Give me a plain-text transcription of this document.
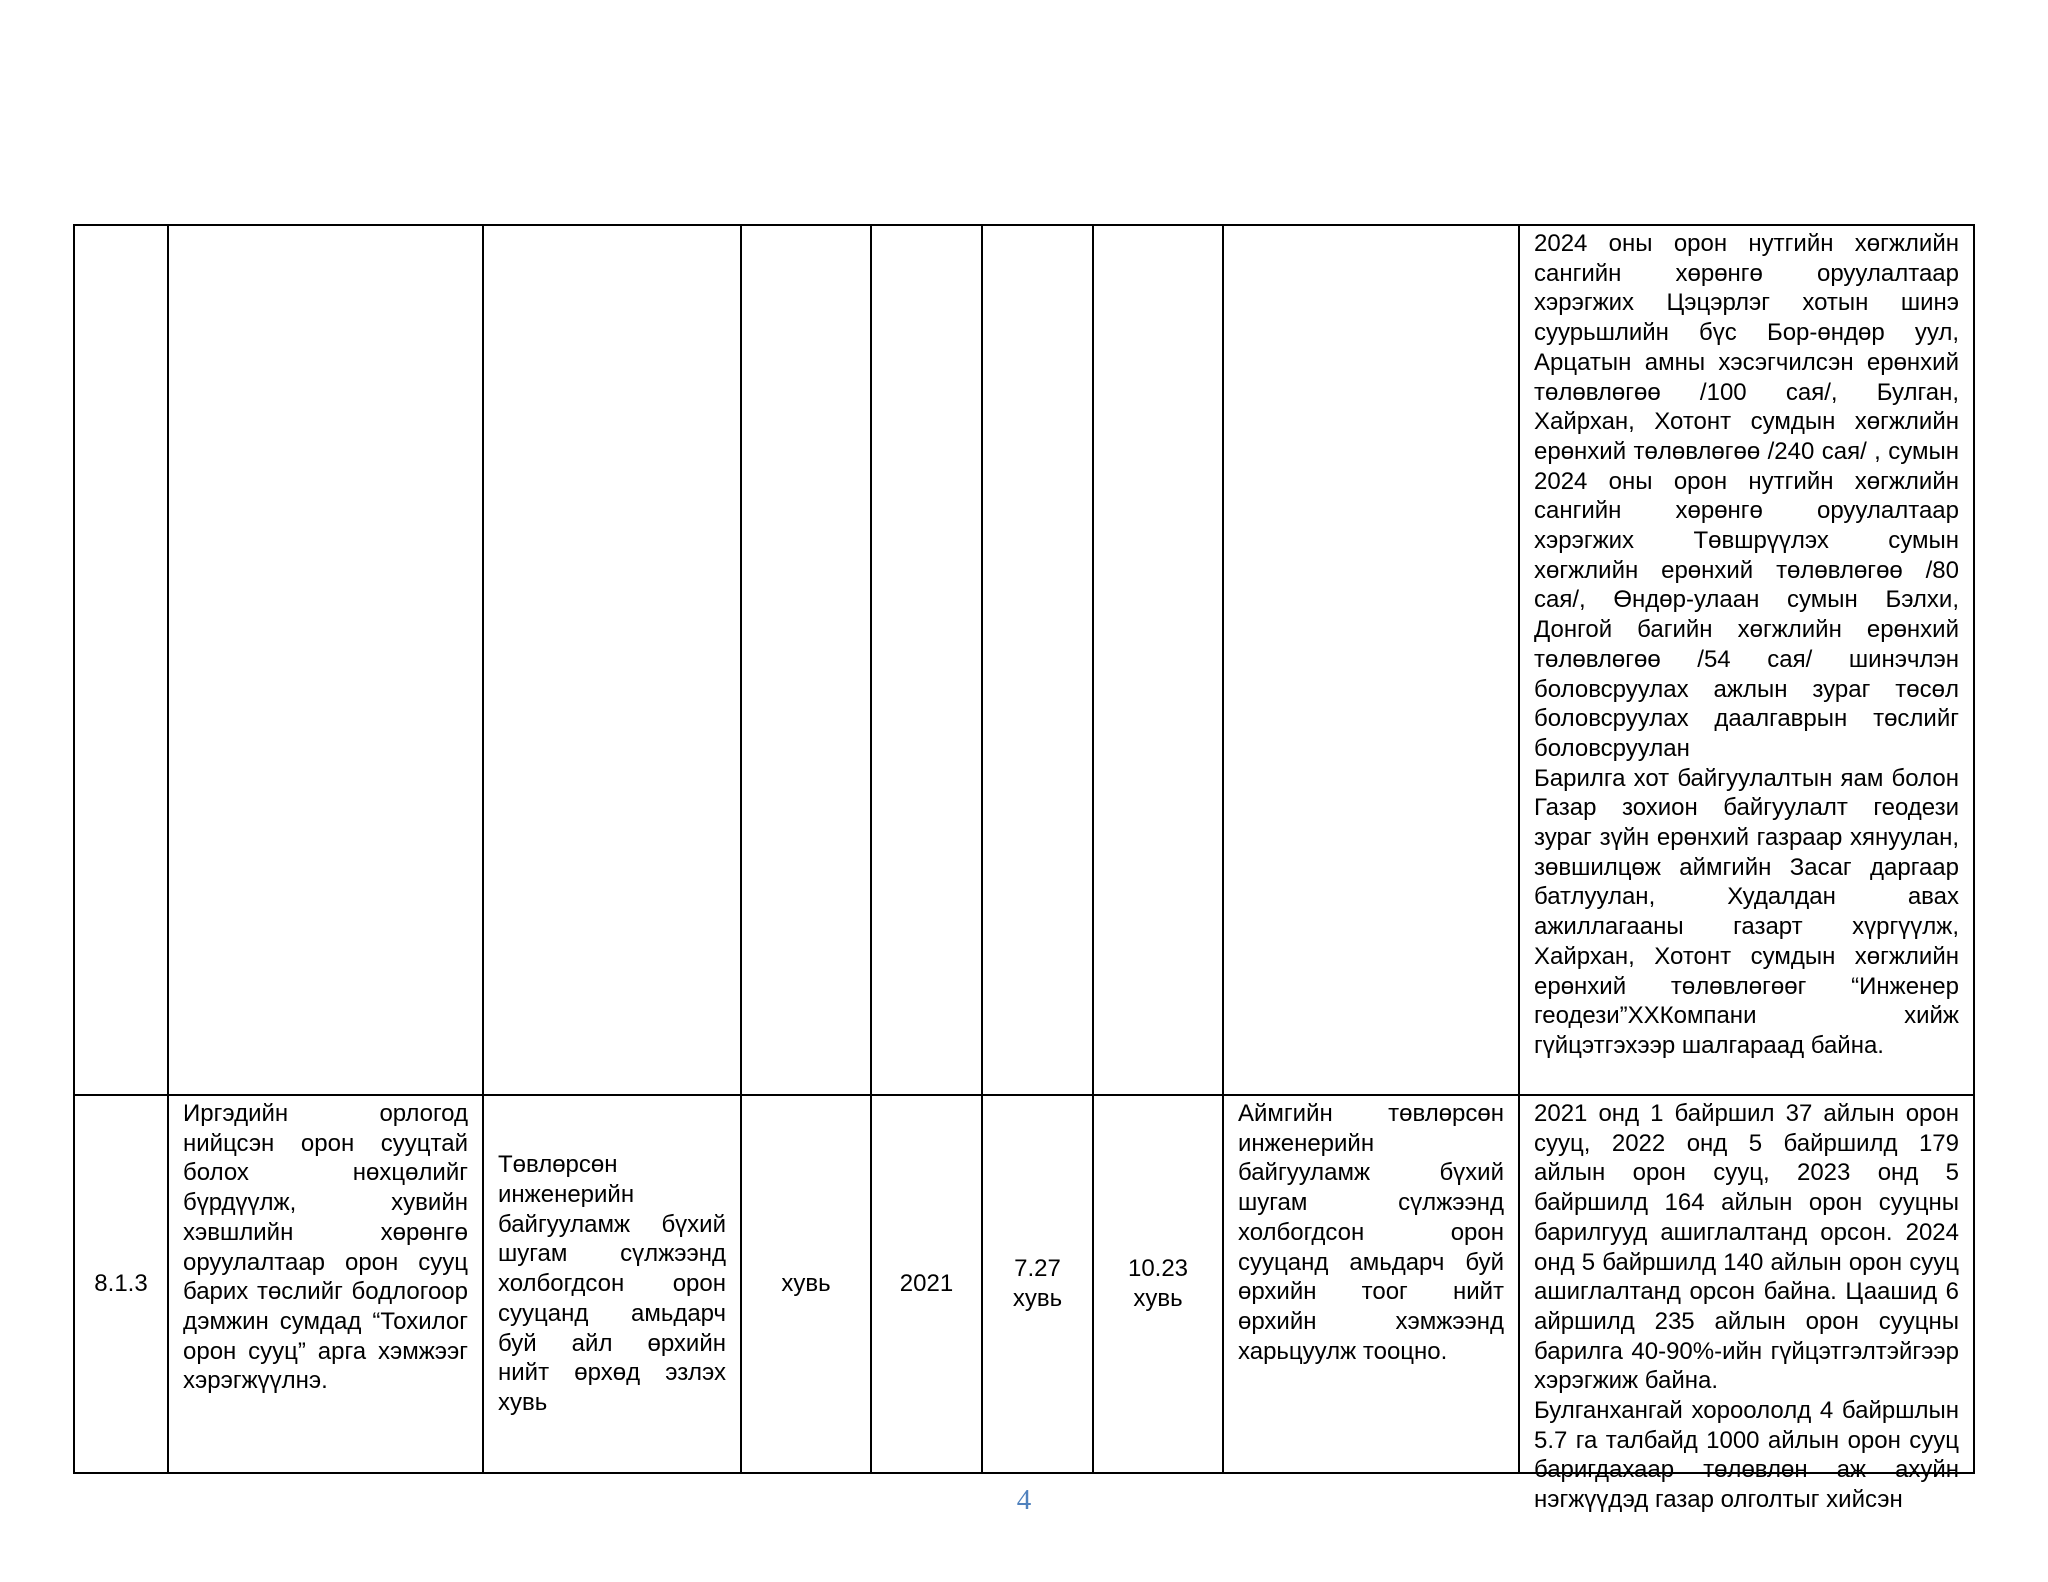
								2024 оны орон нутгийн хөгжлийн сангийн хөрөнгө оруулалтаар хэрэгжих Цэцэрлэг хотын шинэ суурьшлийн бүс Бор-өндөр уул, Арцатын амны хэсэгчилсэн ерөнхий төлөвлөгөө /100 сая/, Булган, Хайрхан, Хотонт сумдын хөгжлийн ерөнхий төлөвлөгөө /240 сая/ , сумын 2024 оны орон нутгийн хөгжлийн сангийн хөрөнгө оруулалтаар хэрэгжих Төвшрүүлэх сумын хөгжлийн ерөнхий төлөвлөгөө /80 сая/, Өндөр-улаан сумын Бэлхи, Донгой багийн хөгжлийн ерөнхий төлөвлөгөө /54 сая/ шинэчлэн боловсруулах ажлын зураг төсөл боловсруулах даалгаврын төслийг боловсруулан
Барилга хот байгуулалтын яам болон Газар зохион байгуулалт геодези зураг зүйн ерөнхий газраар хянуулан, зөвшилцөж аймгийн Засаг даргаар батлуулан, Худалдан авах ажиллагааны газарт хүргүүлж, Хайрхан, Хотонт сумдын хөгжлийн ерөнхий төлөвлөгөөг “Инженер геодези”ХХКомпани хийж гүйцэтгэхээр шалгараад байна.

8.1.3	Иргэдийн орлогод нийцсэн орон сууцтай болох нөхцөлийг бүрдүүлж, хувийн хэвшлийн хөрөнгө оруулалтаар орон сууц барих төслийг бодлогоор дэмжин сумдад “Тохилог орон сууц” арга хэмжээг хэрэгжүүлнэ.	Төвлөрсөн инженерийн байгууламж бүхий шугам сүлжээнд холбогдсон орон сууцанд амьдарч буй айл өрхийн нийт өрхөд эзлэх хувь	хувь	2021	7.27 хувь	10.23 хувь	Аймгийн төвлөрсөн инженерийн байгууламж бүхий шугам сүлжээнд холбогдсон орон сууцанд амьдарч буй өрхийн тоог нийт өрхийн хэмжээнд харьцуулж тооцно.	2021 онд 1 байршил 37 айлын орон сууц, 2022 онд 5 байршилд 179 айлын орон сууц, 2023 онд 5 байршилд 164 айлын орон сууцны барилгууд ашиглалтанд орсон. 2024 онд 5 байршилд 140 айлын орон сууц ашиглалтанд орсон байна. Цаашид 6 айршилд 235 айлын орон сууцны барилга 40-90%-ийн гүйцэтгэлтэйгээр хэрэгжиж байна.
Булганхангай хороололд 4 байршлын 5.7 га талбайд 1000 айлын орон сууц баригдахаар төлөвлөн аж ахуйн нэгжүүдэд газар олголтыг хийсэн
4
